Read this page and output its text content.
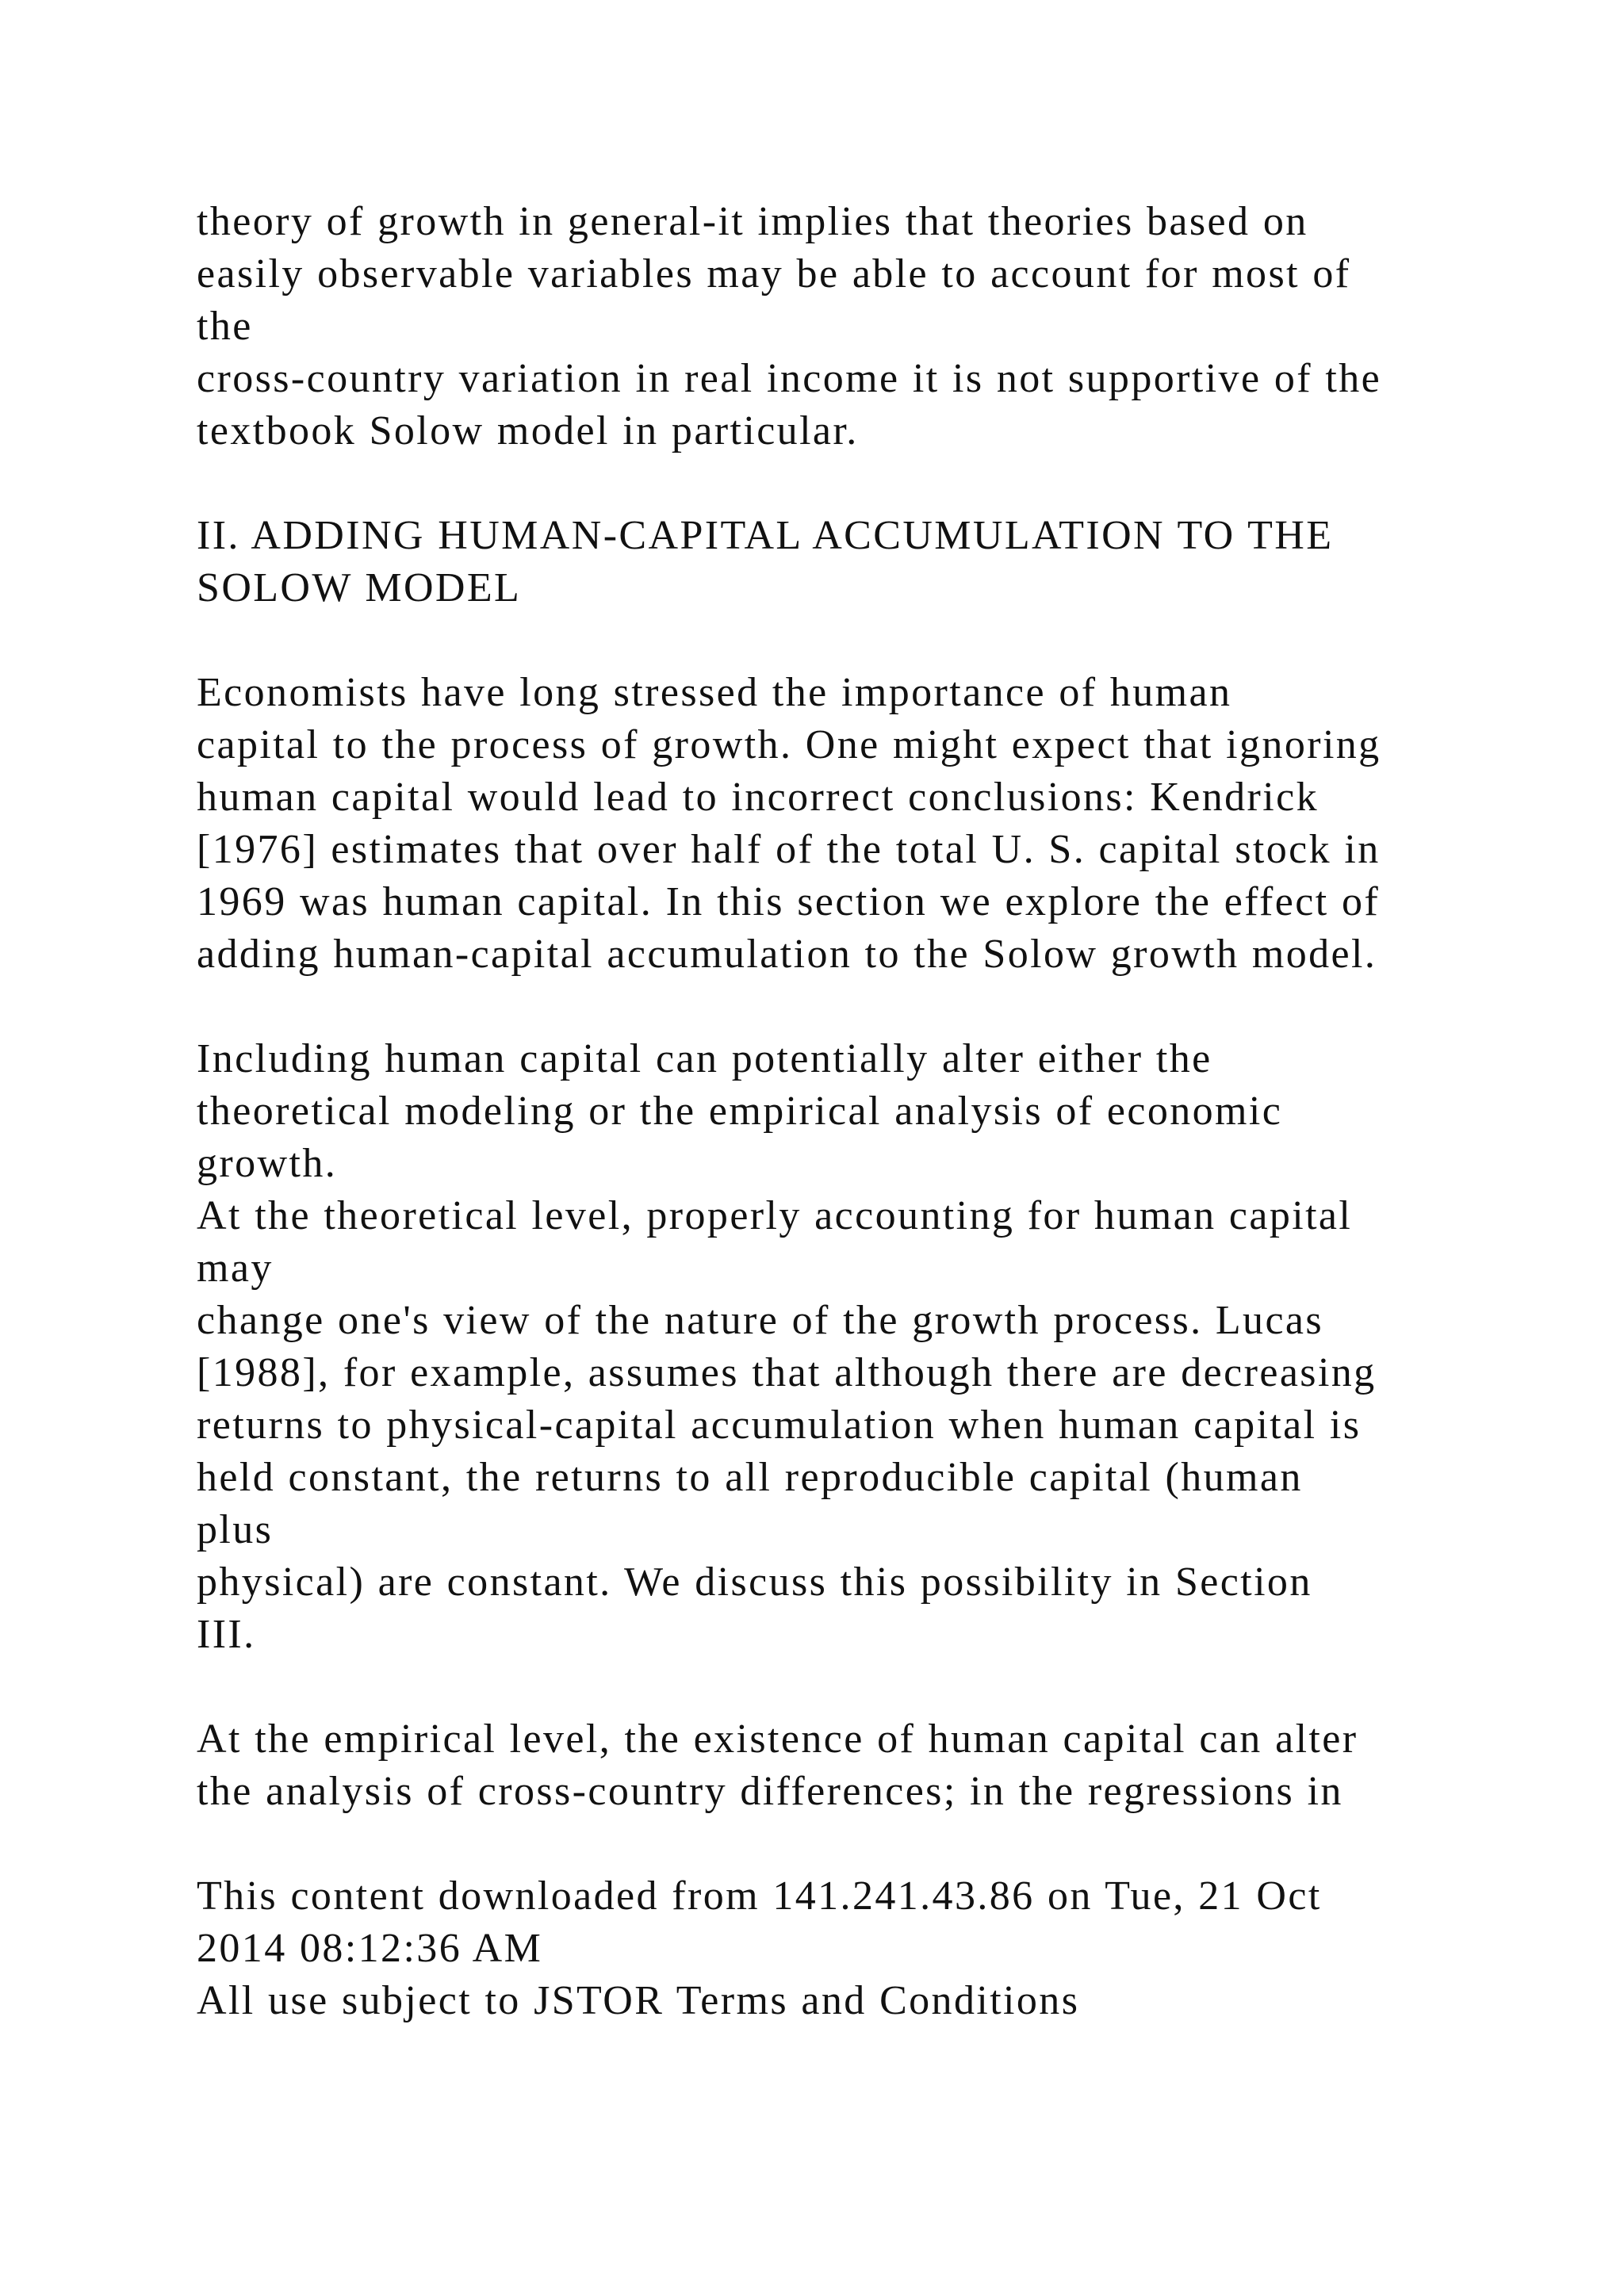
theory of growth in general-it implies that theories based on
easily observable variables may be able to account for most of
the
cross-country variation in real income it is not supportive of the
textbook Solow model in particular.
II. ADDING HUMAN-CAPITAL ACCUMULATION TO THE
SOLOW MODEL
Economists have long stressed the importance of human
capital to the process of growth. One might expect that ignoring
human capital would lead to incorrect conclusions: Kendrick
[1976] estimates that over half of the total U. S. capital stock in
1969 was human capital. In this section we explore the effect of
adding human-capital accumulation to the Solow growth model.
Including human capital can potentially alter either the
theoretical modeling or the empirical analysis of economic
growth.
At the theoretical level, properly accounting for human capital
may
change one's view of the nature of the growth process. Lucas
[1988], for example, assumes that although there are decreasing
returns to physical-capital accumulation when human capital is
held constant, the returns to all reproducible capital (human
plus
physical) are constant. We discuss this possibility in Section
III.
At the empirical level, the existence of human capital can alter
the analysis of cross-country differences; in the regressions in
This content downloaded from 141.241.43.86 on Tue, 21 Oct
2014 08:12:36 AM
All use subject to JSTOR Terms and Conditions
